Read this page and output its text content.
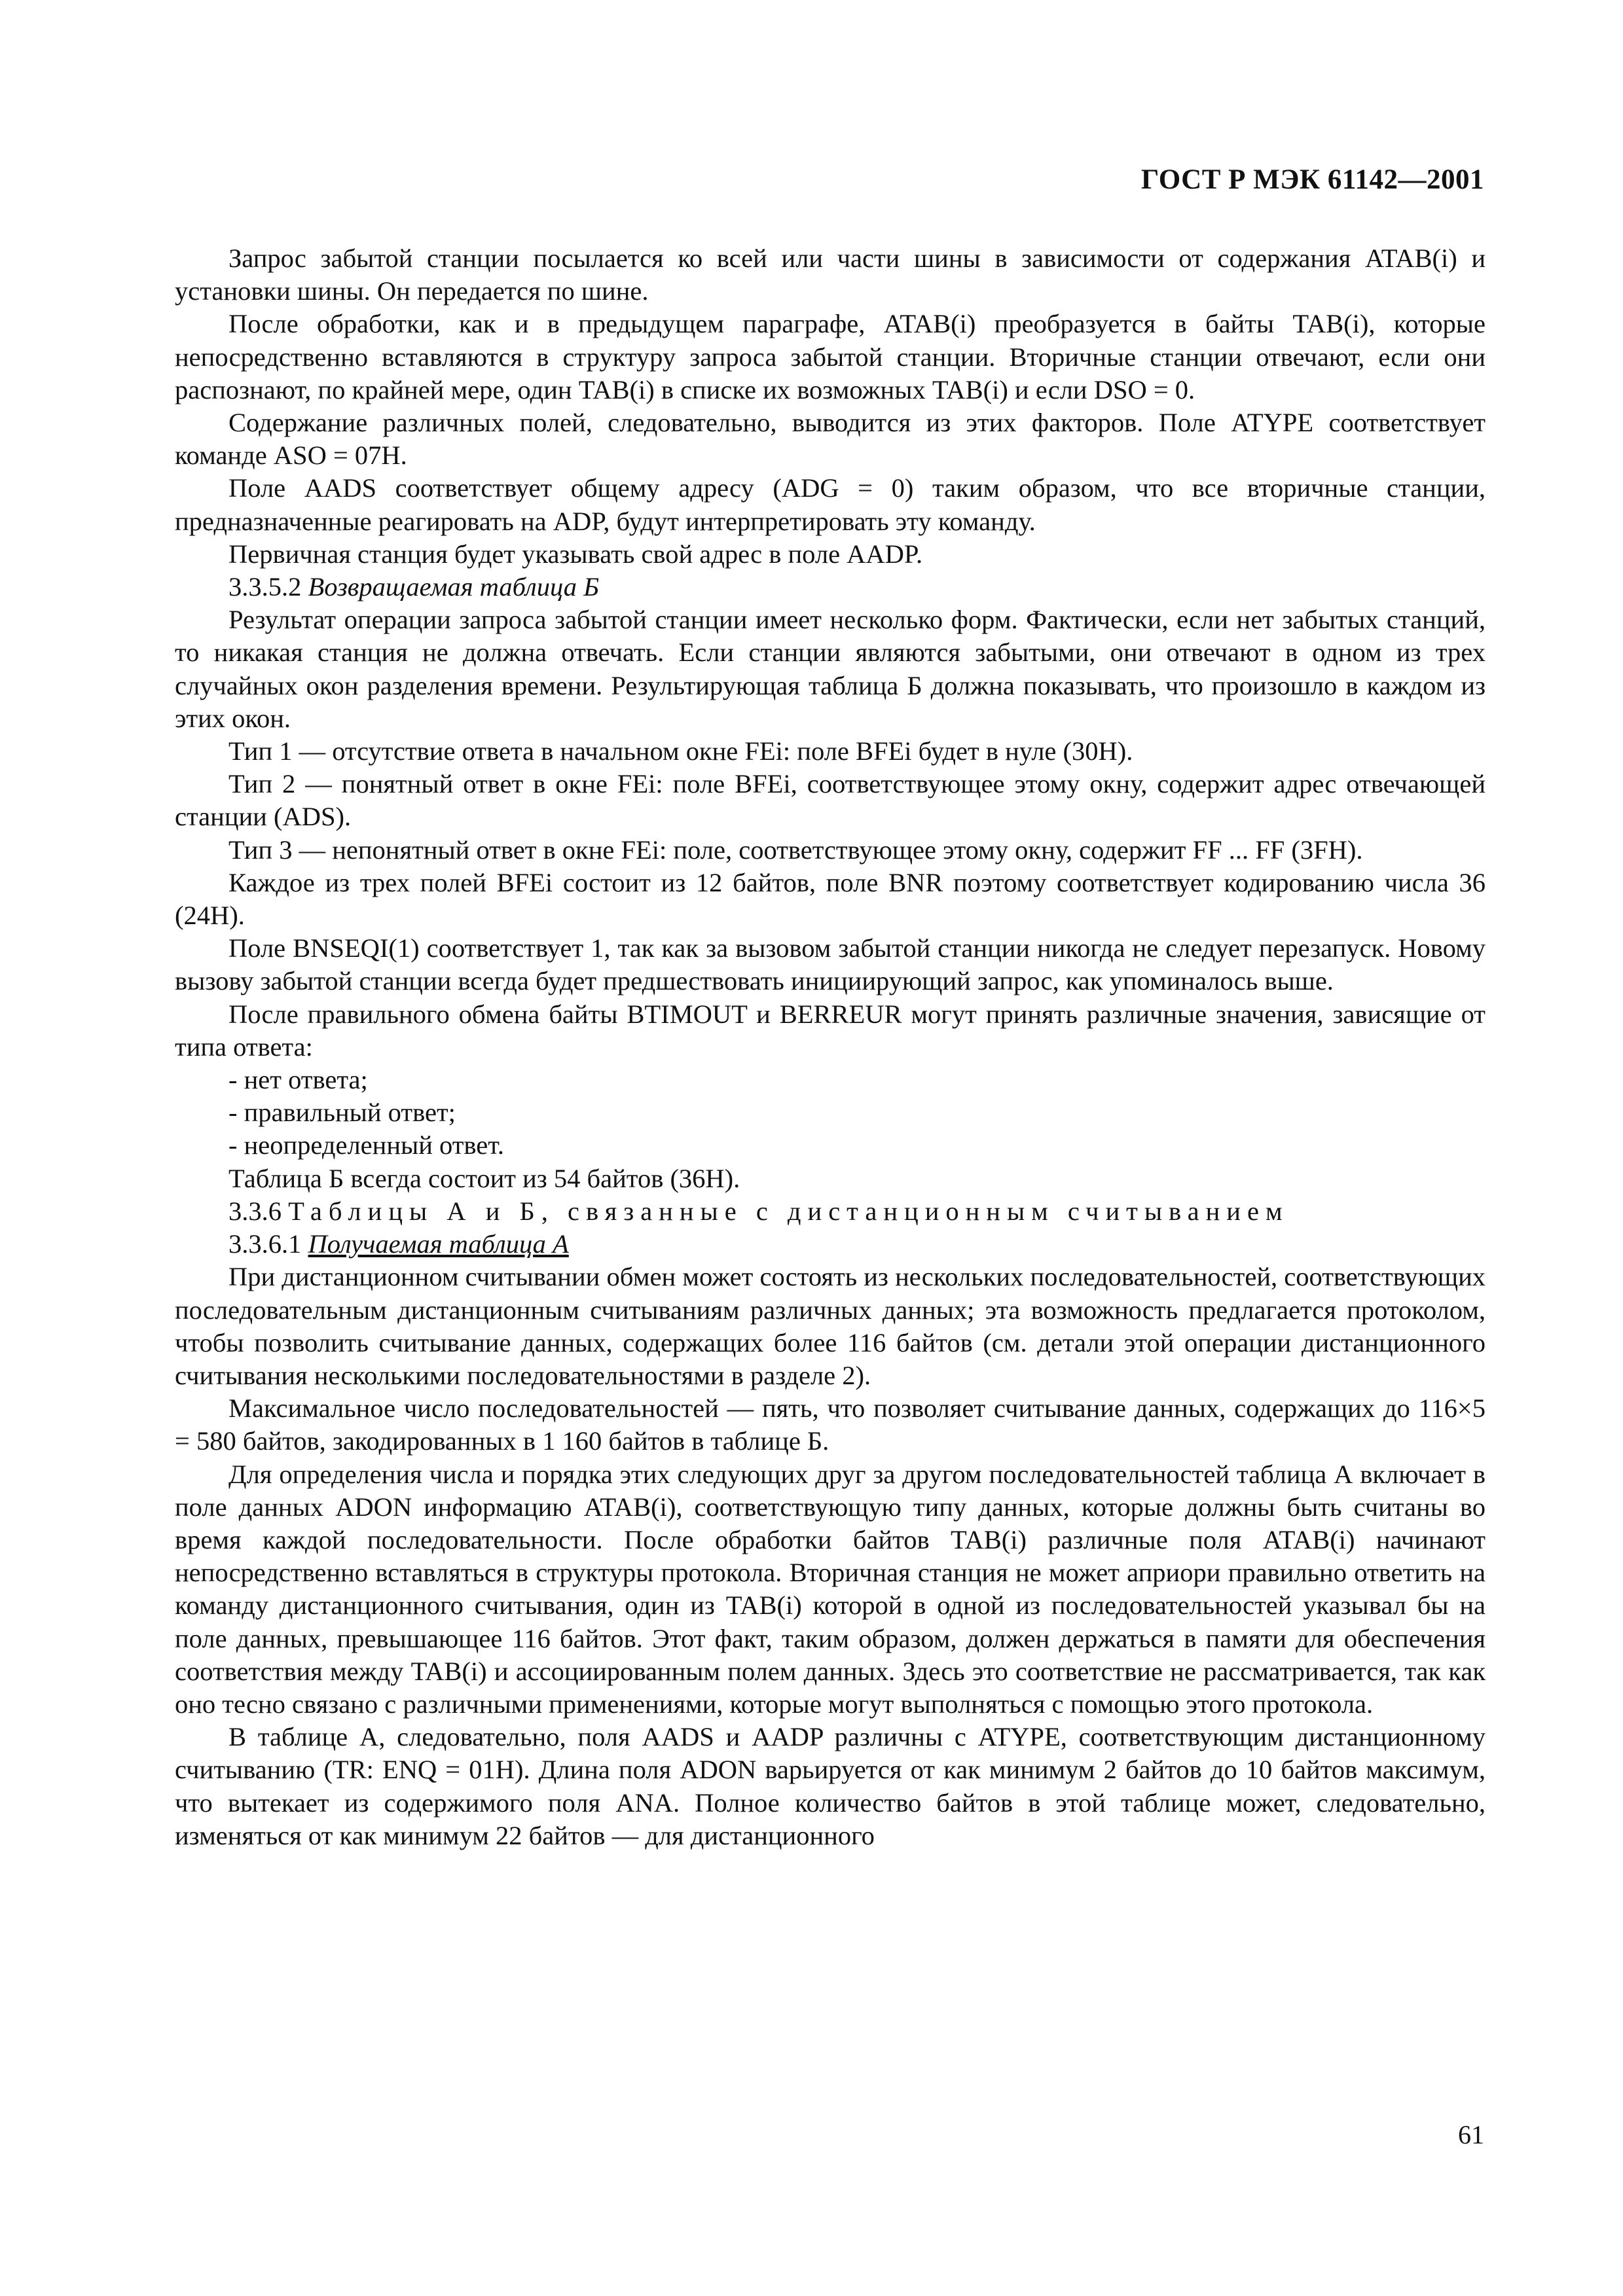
ГОСТ Р МЭК 61142—2001

Запрос забытой станции посылается ко всей или части шины в зависимости от содержания ATAB(i) и установки шины. Он передается по шине.

После обработки, как и в предыдущем параграфе, ATAB(i) преобразуется в байты TAB(i), которые непосредственно вставляются в структуру запроса забытой станции. Вторичные станции отвечают, если они распознают, по крайней мере, один TAB(i) в списке их возможных TAB(i) и если DSO = 0.

Содержание различных полей, следовательно, выводится из этих факторов. Поле ATYPE соответствует команде ASO = 07H.

Поле AADS соответствует общему адресу (ADG = 0) таким образом, что все вторичные станции, предназначенные реагировать на ADP, будут интерпретировать эту команду.

Первичная станция будет указывать свой адрес в поле AADP.

3.3.5.2 Возвращаемая таблица Б

Результат операции запроса забытой станции имеет несколько форм. Фактически, если нет забытых станций, то никакая станция не должна отвечать. Если станции являются забытыми, они отвечают в одном из трех случайных окон разделения времени. Результирующая таблица Б должна показывать, что произошло в каждом из этих окон.

Тип 1 — отсутствие ответа в начальном окне FEi: поле BFEi будет в нуле (30H).

Тип 2 — понятный ответ в окне FEi: поле BFEi, соответствующее этому окну, содержит адрес отвечающей станции (ADS).

Тип 3 — непонятный ответ в окне FEi: поле, соответствующее этому окну, содержит FF ... FF (3FH).

Каждое из трех полей BFEi состоит из 12 байтов, поле BNR поэтому соответствует кодированию числа 36 (24H).

Поле BNSEQI(1) соответствует 1, так как за вызовом забытой станции никогда не следует перезапуск. Новому вызову забытой станции всегда будет предшествовать инициирующий запрос, как упоминалось выше.

После правильного обмена байты BTIMOUT и BERREUR могут принять различные значения, зависящие от типа ответа:

- нет ответа;

- правильный ответ;

- неопределенный ответ.

Таблица Б всегда состоит из 54 байтов (36H).

3.3.6 Таблицы А и Б, связанные с дистанционным считыванием

3.3.6.1 Получаемая таблица А

При дистанционном считывании обмен может состоять из нескольких последовательностей, соответствующих последовательным дистанционным считываниям различных данных; эта возможность предлагается протоколом, чтобы позволить считывание данных, содержащих более 116 байтов (см. детали этой операции дистанционного считывания несколькими последовательностями в разделе 2).

Максимальное число последовательностей — пять, что позволяет считывание данных, содержащих до 116×5 = 580 байтов, закодированных в 1 160 байтов в таблице Б.

Для определения числа и порядка этих следующих друг за другом последовательностей таблица А включает в поле данных ADON информацию ATAB(i), соответствующую типу данных, которые должны быть считаны во время каждой последовательности. После обработки байтов TAB(i) различные поля ATAB(i) начинают непосредственно вставляться в структуры протокола. Вторичная станция не может априори правильно ответить на команду дистанционного считывания, один из TAB(i) которой в одной из последовательностей указывал бы на поле данных, превышающее 116 байтов. Этот факт, таким образом, должен держаться в памяти для обеспечения соответствия между TAB(i) и ассоциированным полем данных. Здесь это соответствие не рассматривается, так как оно тесно связано с различными применениями, которые могут выполняться с помощью этого протокола.

В таблице А, следовательно, поля AADS и AADP различны с ATYPE, соответствующим дистанционному считыванию (TR: ENQ = 01H). Длина поля ADON варьируется от как минимум 2 байтов до 10 байтов максимум, что вытекает из содержимого поля ANA. Полное количество байтов в этой таблице может, следовательно, изменяться от как минимум 22 байтов — для дистанционного

61
